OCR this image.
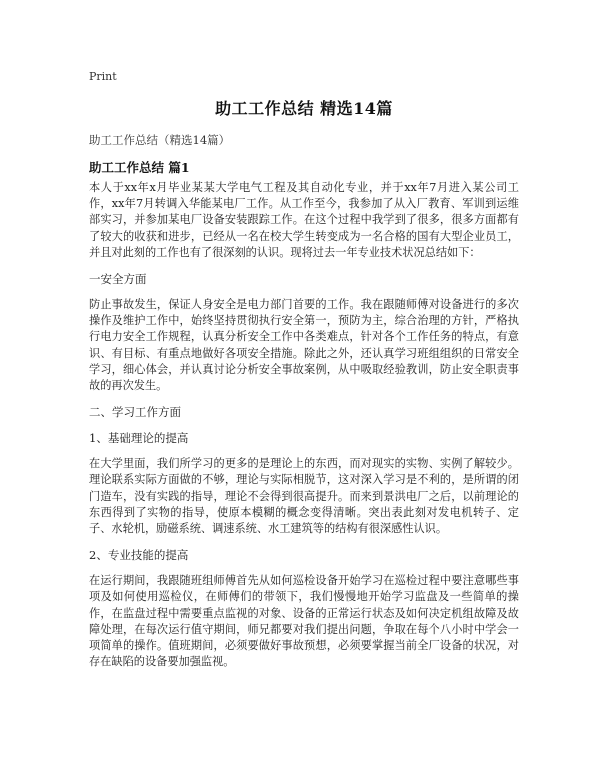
Print
助工工作总结 精选14篇
助工工作总结（精选14篇）
助工工作总结 篇1

本人于xx年x月毕业某某大学电气工程及其自动化专业，并于xx年7月进入某公司工作，xx年7月转调入华能某电厂工作。从工作至今，我参加了从入厂教育、军训到运维部实习，并参加某电厂设备安装跟踪工作。在这个过程中我学到了很多，很多方面都有了较大的收获和进步，已经从一名在校大学生转变成为一名合格的国有大型企业员工，并且对此刻的工作也有了很深刻的认识。现将过去一年专业技术状况总结如下：

一安全方面

防止事故发生，保证人身安全是电力部门首要的工作。我在跟随师傅对设备进行的多次操作及维护工作中，始终坚持贯彻执行安全第一，预防为主，综合治理的方针，严格执行电力安全工作规程，认真分析安全工作中各类难点，针对各个工作任务的特点，有意识、有目标、有重点地做好各项安全措施。除此之外，还认真学习班组组织的日常安全学习，细心体会，并认真讨论分析安全事故案例，从中吸取经验教训，防止安全职责事故的再次发生。

二、学习工作方面

1、基础理论的提高

在大学里面，我们所学习的更多的是理论上的东西，而对现实的实物、实例了解较少。理论联系实际方面做的不够，理论与实际相脱节，这对深入学习是不利的，是所谓的闭门造车，没有实践的指导，理论不会得到很高提升。而来到景洪电厂之后，以前理论的东西得到了实物的指导，使原本模糊的概念变得清晰。突出表此刻对发电机转子、定子、水轮机，励磁系统、调速系统、水工建筑等的结构有很深感性认识。

2、专业技能的提高

在运行期间，我跟随班组师傅首先从如何巡检设备开始学习在巡检过程中要注意哪些事项及如何使用巡检仪，在师傅们的带领下，我们慢慢地开始学习监盘及一些简单的操作，在监盘过程中需要重点监视的对象、设备的正常运行状态及如何决定机组故障及故障处理，在每次运行值守期间，师兄都要对我们提出问题，争取在每个八小时中学会一项简单的操作。值班期间，必须要做好事故预想，必须要掌握当前全厂设备的状况，对存在缺陷的设备要加强监视。
